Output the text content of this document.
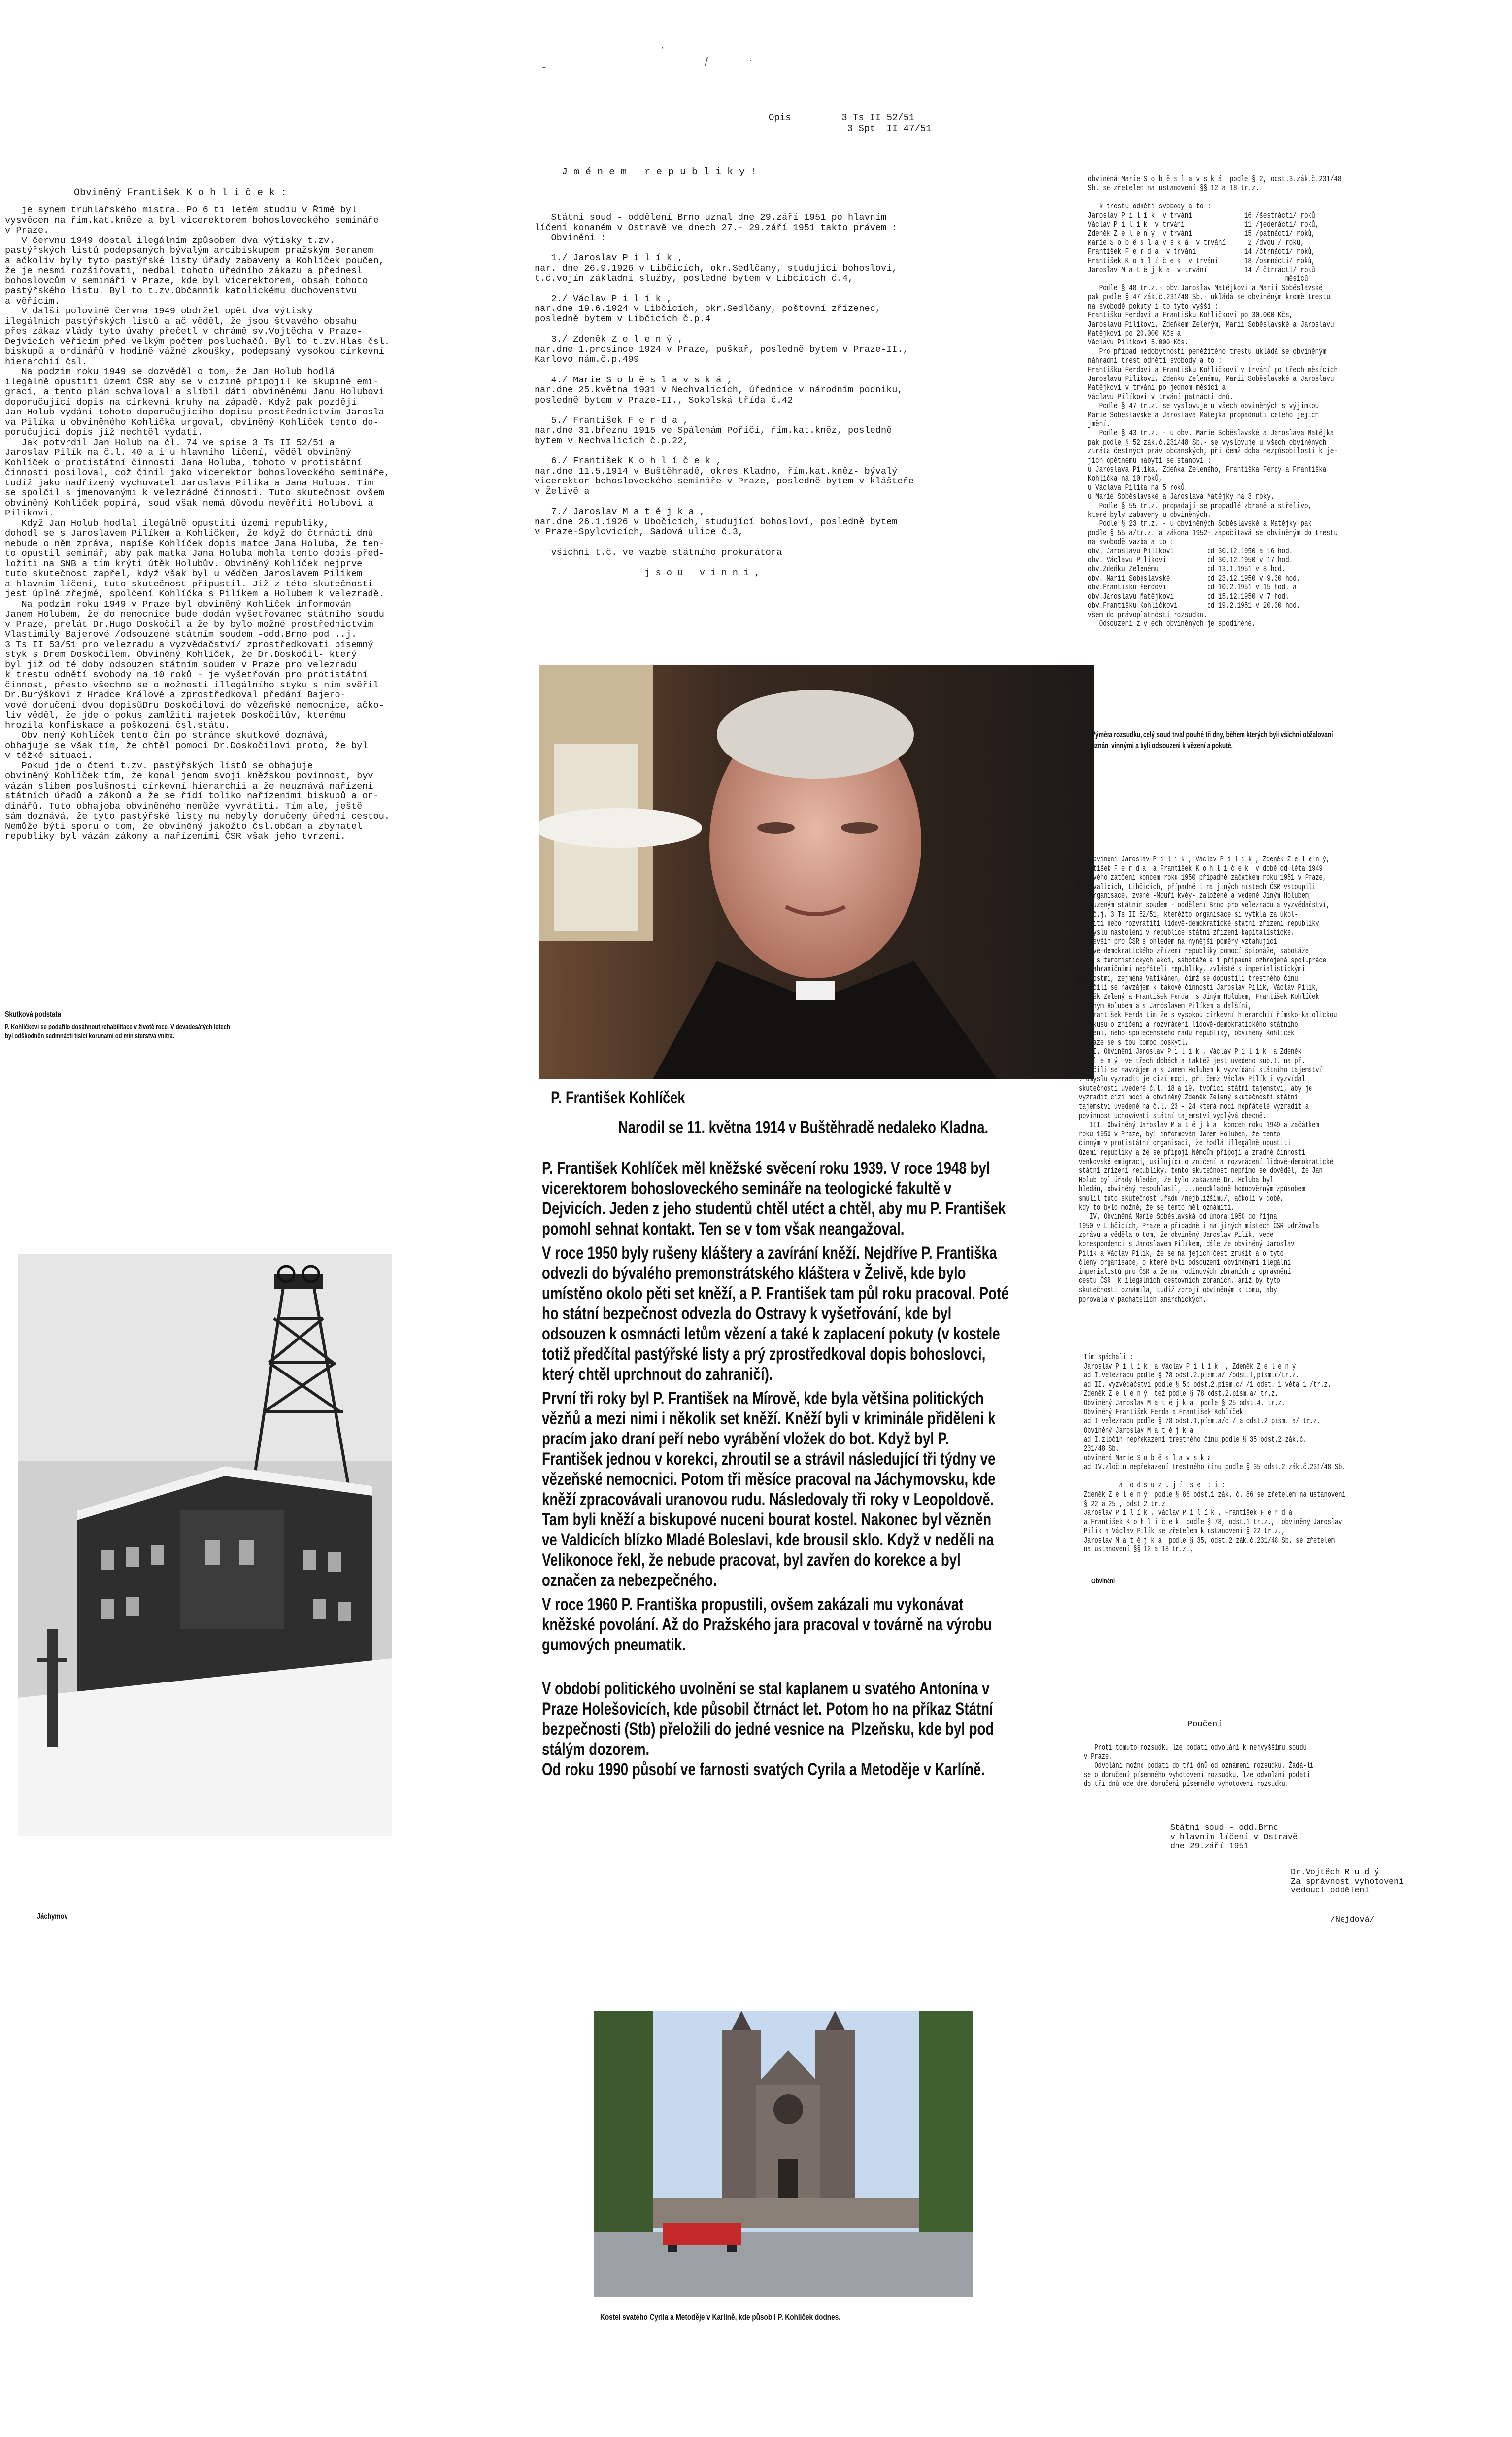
Obviněný František K o h l í č e k :

je synem truhlářského mistra. Po 6 ti letém studiu v Římě byl
vysvěcen na řím.kat.kněze a byl vicerektorem bohosloveckého semináře
v Praze.
V červnu 1949 dostal ilegálním způsobem dva výtisky t.zv.
pastýřských listů podepsaných bývalým arcibiskupem pražským Beranem
a ačkoliv byly tyto pastýřské listy úřady zabaveny a Kohlíček poučen,
že je nesmí rozšiřovati, nedbal tohoto úředního zákazu a přednesl
bohoslovcům v semináři v Praze, kde byl vicerektorem, obsah tohoto
pastýřského listu. Byl to t.zv.Občanník katolickému duchovenstvu
a věřícím.
V další polovině června 1949 obdržel opět dva výtisky
ilegálních pastýřských listů a ač věděl, že jsou štvavého obsahu
přes zákaz vlády tyto úvahy přečetl v chrámě sv.Vojtěcha v Praze-
Dejvicích věřícím před velkým počtem posluchačů. Byl to t.zv.Hlas čsl.
biskupů a ordinářů v hodině vážné zkoušky, podepsaný vysokou církevní
hierarchií čsl.
Na podzim roku 1949 se dozvěděl o tom, že Jan Holub hodlá
ilegálně opustiti území ČSR aby se v cizině připojil ke skupině emi-
grací, a tento plán schvaloval a slíbil dáti obviněnému Janu Holubovi
doporučující dopis na církevní kruhy na západě. Když pak později
Jan Holub vydání tohoto doporučujícího dopisu prostřednictvím Jarosla-
va Pilíka u obviněného Kohlíčka urgoval, obviněný Kohlíček tento do-
poručující dopis již nechtěl vydati.
Jak potvrdil Jan Holub na čl. 74 ve spise 3 Ts II 52/51 a
Jaroslav Pilík na č.l. 40 a i u hlavního líčení, věděl obviněný
Kohlíček o protistátní činnosti Jana Holuba, tohoto v protistátní
činnosti posiloval, což činil jako vicerektor bohosloveckého semináře,
tudíž jako nadřízený vychovatel Jaroslava Pilíka a Jana Holuba. Tím
se spolčil s jmenovanými k velezrádné činnosti. Tuto skutečnost ovšem
obviněný Kohlíček popírá, soud však nemá důvodu nevěřiti Holubovi a
Pilíkovi.
Když Jan Holub hodlal ilegálně opustiti území republiky,
dohodl se s Jaroslavem Pilíkem a Kohlíčkem, že když do čtrnácti dnů
nebude o něm zpráva, napíše Kohlíček dopis matce Jana Holuba, že ten-
to opustil seminář, aby pak matka Jana Holuba mohla tento dopis před-
ložiti na SNB a tím krýti útěk Holubův. Obviněný Kohlíček nejprve
tuto skutečnost zapřel, když však byl u vědčen Jaroslavem Pilíkem
a hlavním líčení, tuto skutečnost připustil. Již z této skutečnosti
jest úplně zřejmé, spolčení Kohlíčka s Pilíkem a Holubem k velezradě.
Na podzim roku 1949 v Praze byl obviněný Kohlíček informován
Janem Holubem, že do nemocnice bude dodán vyšetřovanec státního soudu
v Praze, prelát Dr.Hugo Doskočil a že by bylo možné prostřednictvím
Vlastimily Bajerové /odsouzené státním soudem -odd.Brno pod ..j.
3 Ts II 53/51 pro velezradu a vyzvědačství/ zprostředkovati písemný
styk s Drem Doskočilem. Obviněný Kohlíček, že Dr.Doskočil- který
byl již od té doby odsouzen státním soudem v Praze pro velezradu
k trestu odnětí svobody na 10 roků - je vyšetřován pro protistátní
činnost, přesto všechno se o možnosti illegálního styku s ním svěřil
Dr.Burýškovi z Hradce Králové a zprostředkoval předání Bajero-
vové doručení dvou dopisůDru Doskočilovi do vězeňské nemocnice, ačko-
liv věděl, že jde o pokus zamlžiti majetek Doskočilův, kterému
hrozila konfiskace a poškození čsl.státu.
Obv nený Kohlíček tento čin po stránce skutkové doznává,
obhajuje se však tím, že chtěl pomoci Dr.Doskočilovi proto, že byl
v těžké situaci.
Pokud jde o čtení t.zv. pastýřských listů se obhajuje
obviněný Kohlíček tím, že konal jenom svoji kněžskou povinnost, byv
vázán slibem poslušnosti církevní hierarchii a že neuznává nařízení
státních úřadů a zákonů a že se řídí toliko nařízeními biskupů a or-
dinářů. Tuto obhajoba obviněného nemůže vyvrátiti. Tím ale, ještě
sám doznává, že tyto pastýřské listy nu nebyly doručeny úřední cestou.
Nemůže býti sporu o tom, že obviněný jakožto čsl.občan a zbynatel
republiky byl vázán zákony a nařízeními ČSR však jeho tvrzení.

Skutková podstata
P. Kohlíčkovi se podařilo dosáhnout rehabilitace v životě roce. V devadesátých letech
byl odškodněn sedmnácti tisíci korunami od ministerstva vnitra.
Jáchymov
-
·
/	.

Opis         3 Ts II 52/51
3 Spt  II 47/51

J m é n e m   r e p u b l i k y !

Státní soud - oddělení Brno uznal dne 29.září 1951 po hlavním
líčení konaném v Ostravě ve dnech 27.- 29.září 1951 takto právem :
Obviněni :

1./ Jaroslav P i l í k ,
nar. dne 26.9.1926 v Libčicích, okr.Sedlčany, studující bohosloví,
t.č.vojín základní služby, posledně bytem v Libčicích č.4,

2./ Václav P i l í k ,
nar.dne 19.6.1924 v Libčicích, okr.Sedlčany, poštovní zřízenec,
posledně bytem v Libčicích č.p.4

3./ Zdeněk Z e l e n ý ,
nar.dne 1.prosince 1924 v Praze, puškař, posledně bytem v Praze-II.,
Karlovo nám.č.p.499

4./ Marie S o b ě s l a v s k á ,
nar.dne 25.května 1931 v Nechvalicích, úřednice v národním podniku,
posledně bytem v Praze-II., Sokolská třída č.42

5./ František F e r d a ,
nar.dne 31.březnu 1915 ve Spálenám Poříčí, řím.kat.kněz, posledně
bytem v Nechvalicích č.p.22,

6./ František K o h l í č e k ,
nar.dne 11.5.1914 v Buštěhradě, okres Kladno, řím.kat.kněz- bývalý
vicerektor bohosloveckého semináře v Praze, posledně bytem v klášteře
v Želivě a

7./ Jaroslav M a t ě j k a ,
nar.dne 26.1.1926 v Ubočicích, studující bohosloví, posledně bytem
v Praze-Spylovicích, Sadová ulice č.3,

všichni t.č. ve vazbě státního prokurátora

j s o u   v i n n i ,

P. František Kohlíček
Narodil se 11. května 1914 v Buštěhradě nedaleko Kladna.

P. František Kohlíček měl kněžské svěcení roku 1939. V roce 1948 byl vicerektorem bohosloveckého semináře na teologické fakultě v Dejvicích. Jeden z jeho studentů chtěl utéct a chtěl, aby mu P. František pomohl sehnat kontakt. Ten se v tom však neangažoval.

V roce 1950 byly rušeny kláštery a zavírání kněží. Nejdříve P. Františka odvezli do bývalého premonstrátského kláštera v Želivě, kde bylo umístěno okolo pěti set kněží, a P. František tam půl roku pracoval. Poté ho státní bezpečnost odvezla do Ostravy k vyšetřování, kde byl odsouzen k osmnácti letům vězení a také k zaplacení pokuty (v kostele totiž předčítal pastýřské listy a prý zprostředkoval dopis bohoslovci, který chtěl uprchnout do zahraničí).

První tři roky byl P. František na Mírově, kde byla většina politických vězňů a mezi nimi i několik set kněží. Kněží byli v kriminále přiděleni k pracím jako draní peří nebo vyrábění vložek do bot. Když byl P. František jednou v korekci, zhroutil se a strávil následující tři týdny ve vězeňské nemocnici. Potom tři měsíce pracoval na Jáchymovsku, kde kněží zpracovávali uranovou rudu. Následovaly tři roky v Leopoldově. Tam byli kněží a biskupové nuceni bourat kostel. Nakonec byl vězněn ve Valdicích blízko Mladé Boleslavi, kde brousil sklo. Když v neděli na Velikonoce řekl, že nebude pracovat, byl zavřen do korekce a byl označen za nebezpečného.

V roce 1960 P. Františka propustili, ovšem zakázali mu vykonávat kněžské povolání. Až do Pražského jara pracoval v továrně na výrobu gumových pneumatik.

V období politického uvolnění se stal kaplanem u svatého Antonína v Praze Holešovicích, kde působil čtrnáct let. Potom ho na příkaz Státní bezpečnosti (Stb) přeložili do jedné vesnice na  Plzeňsku, kde byl pod stálým dozorem.
Od roku 1990 působí ve farnosti svatých Cyrila a Metoděje v Karlíně.

Kostel svatého Cyrila a Metoděje v Karlíně, kde působil P. Kohlíček dodnes.

obviněná Marie S o b ě s l a v s k á  podle § 2, odst.3.zák.č.231/48
Sb. se zřetelem na ustanovení §§ 12 a 18 tr.z.

k trestu odnětí svobody a to :
Jaroslav P i l í k  v trvání              16 /šestnácti/ roků
Václav P i l í k  v trvání                11 /jedenácti/ roků,
Zdeněk Z e l e n ý  v trvání              15 /patnácti/ roků,
Marie S o b ě s l a v s k á  v trvání      2 /dvou / roků,
František F e r d a  v trvání             14 /čtrnácti/ roků,
František K o h l í č e k  v trvání       18 /osmnácti/ roků,
Jaroslav M a t ě j k a  v trvání          14 / čtrnácti/ roků
měsíců
Podle § 48 tr.z.- obv.Jaroslav Matějkovi a Marii Soběslavské
pak podle § 47 zák.č.231/48 Sb.- ukládá se obviněným kromě trestu
na svobodě pokuty i to tyto vyšší :
Františku Ferdovi a Františku Kohlíčkovi po 30.000 Kčs,
Jaroslavu Pilíkovi, Zdeňkem Zeleným, Marii Soběslavské a Jaroslavu
Matějkovi po 20.000 Kčs a
Václavu Pilíkovi 5.000 Kčs.
Pro případ nedobytnosti peněžitého trestu ukládá se obviněným
náhradní trest odnětí svobody a to :
Františku Ferdovi a Františku Kohlíčkovi v trvání po třech měsících
Jaroslavu Pilíkovi, Zdeňku Zelenému, Marii Soběslavské a Jaroslavu
Matějkovi v trvání po jednom měsíci a
Václavu Pilíkovi v trvání patnácti dnů.
Podle § 47 tr.z. se vyslovuje u všech obviněných s výjimkou
Marie Soběslavské a Jaroslava Matějka propadnutí celého jejich
jmění.
Podle § 43 tr.z. - u obv. Marie Soběslavské a Jaroslava Matějka
pak podle § 52 zák.č.231/48 Sb.- se vyslovuje u všech obviněných
ztráta čestných práv občanských, při čemž doba nezpůsobilosti k je-
jich opětnému nabytí se stanoví :
u Jaroslava Pilíka, Zdeňka Zeleného, Františka Ferdy a Františka
Kohlíčka na 10 roků,
u Václava Pilíka na 5 roků
u Marie Soběslavské a Jaroslava Matějky na 3 roky.
Podle § 55 tr.z. propadají se propadlé zbraně a střelivo,
které byly zabaveny u obviněných.
Podle § 23 tr.z. - u obviněných Soběslavské a Matějky pak
podle § 55 a/tr.z. a zákona 1952- započítává se obviněným do trestu
na svobodě vazba a to :
obv. Jaroslavu Pilíkovi         od 30.12.1950 a 16 hod.
obv. Václavu Pilíkovi           od 30.12.1950 v 17 hod.
obv.Zdeňku Zelenému             od 13.1.1951 v 8 hod.
obv. Marii Soběslavské          od 23.12.1950 v 9.30 hod.
obv.Františku Ferdovi           od 10.2.1951 v 15 hod. a
obv.Jaroslavu Matějkovi         od 15.12.1950 v 7 hod.
obv.Františku Kohlíčkovi        od 19.2.1951 v 20.30 hod.
všem do právoplatnosti rozsudku.
Odsouzení z v ech obviněných je spodinéné.

Výměra rozsudku, celý soud trval pouhé tři dny, během kterých byli všichni obžalovaní
uznáni vinnými a byli odsouzeni k vězení a pokutě.

I. obviněni Jaroslav P i l í k , Václav P i l í k , Zdeněk Z e l e n ý,
František F e r d a  a František K o h l í č e k  v době od léta 1949
do svého zatčení koncem roku 1950 případně začátkem roku 1951 v Praze,
Nechvalicích, Libčicích, případně i na jiných místech ČSR vstoupili
do organisace, zvané -Mouři kvěy- založené a vedené Jiným Holubem,
odsouzeným státním soudem - oddělení Brno pro velezradu a vyzvědačství,
pod č.j. 3 Ts II 52/51, kteréžto organisace si vytkla za úkol-
zničiti nebo rozvrátiti lidově-demokratické státní zřízení republiky
v úmyslu nastolení v republice státní zřízení kapitalistické,
především pro ČSR s ohledem na nynější poměry vztahující
lidově-demokratického zřízení republiky pomocí špionáže, sabotáže,
činu s teroristických akcí, sabotáže a i případná ozbrojená spolupráce
se zahraničními nepřáteli republiky, zvláště s imperialistickými
mocnostmi, zejména Vatikánem, čímž se dopustili trestného činu
spolčili se navzájem k takové činnosti Jaroslav Pilík, Václav Pilík,
Zdeněk Zelený a František Ferda  s Jiným Holubem, František Kohlíček
s Jiným Holubem a s Jaroslavem Pilíkem a dalšími,
František Ferda tím že s vysokou církevní hierarchií římsko-katolickou
k pokusu o zničení a rozvrácení lidově-demokratického státního
zřízení, nebo společenského řádu republiky, obviněný Kohlíček
v Praze se s tou pomoc poskytl.
II. Obviněni Jaroslav P i l í k , Václav P i l í k  a Zdeněk
Z e l e n ý  ve třech dobách a taktéž jest uvedeno sub.I. na př.
spolčili se navzájem a s Janem Holubem k vyzvídání státního tajemství
v úmyslu vyzradit je cizí moci, při čemž Václav Pilík i vyzvídal
skutečnosti uvedené č.l. 18 a 19, tvořící státní tajemství, aby je
vyzradit cizí moci a obviněný Zdeněk Zelený skutečnosti státní
tajemství uvedené na č.l. 23 - 24 která moci nepřátelé vyzradit a
povinnost uchovávati státní tajemství vyplývá obecně.
III. Obviněný Jaroslav M a t ě j k a  koncem roku 1949 a začátkem
roku 1950 v Praze, byl informován Janem Holubem, že tento
činným v protistátní organisaci, že hodlá illegálně opustiti
území republiky a že se připojí Němcům připojí a zradné činnosti
venkovské emigraci, usilující o zničení a rozvrácení lidově-demokratické
státní zřízení republiky, tento skutečnost nepřímo se dověděl, že Jan
Holub byl úřady hledán, že bylo zakázané Dr. Holuba byl
hledán, obviněný nesouhlasil, ...neodkladně hodnověrným způsobem
smulil tuto skutečnost úřadu /nejbližšímu/, ačkoli v době,
kdy to bylo možné, že se tento měl oznámiti.
IV. Obviněná Marie Soběslavská od února 1950 do října
1950 v Libčicích, Praze a případně i na jiných místech ČSR udržovala
zprávu a věděla o tom, že obviněný Jaroslav Pilík, vede
korespondenci s Jaroslavem Pilíkem, dále že obviněný Jaroslav
Pilík a Václav Pilík, že se na jejich čest zrušit a o tyto
členy organisace, o které byli odsouzení obviněnými ilegální
imperialistů pro ČSR a že na hodinových zbraních z oprávnění
cestu ČSR  k ilegálních cestovních zbraních, aniž by tyto
skutečnosti oznámila, tudíž zbrojí obviněným k tomu, aby
porovala v pachatelích anarchických.

Tím spáchali :
Jaroslav P i l í k  a Václav P i l í k  , Zdeněk Z e l e n ý
ad I.velezradu podle § 78 odst.2.písm.a/ /odst.1,písm.c/tr.z.
ad II. vyzvědačství podle § 5b odst.2.písm.c/ /1 odst. 1 věta 1 /tr.z.
Zdeněk Z e l e n ý  též podle § 78 odst.2.písm.a/ tr.z.
Obviněný Jaroslav M a t ě j k a  podle § 25 odst.4. tr.z.
Obviněný František Ferda a František Kohlíček
ad I velezradu podle § 78 odst.1,písm.a/c / a odst.2 písm. a/ tr.z.
Obviněný Jaroslav M a t ě j k a
ad I.zločin nepřekazení trestného činu podle § 35 odst.2 zák.č.
231/48 Sb.
obviněná Marie S o b ě s l a v s k á
ad IV.zločin nepřekazení trestného činu podle § 35 odst.2 zák.č.231/48 Sb.

a  o d s u z u j í  s e  t í :
Zdeněk Z e l e n ý  podle § 86 odst.1 zák. č. 86 se zřetelem na ustanovení
§ 22 a 25 , odst.2 tr.z.
Jaroslav P i l í k , Václav P i l í k , František F e r d a
a František K o h l í č e k  podle § 78, odst.1 tr.z.,  obviněný Jaroslav
Pilík a Václav Pilík se zřetelem k ustanovení § 22 tr.z.,
Jaroslav M a t ě j k a  podle § 35, odst.2 zák.č.231/48 Sb. se zřetelem
na ustanovení §§ 12 a 18 tr.z.,

Obviněni

Poučení

Proti tomuto rozsudku lze podati odvolání k nejvyššímu soudu
v Praze.
Odvolání možno podati do tří dnů od oznámení rozsudku. Žádá-li
se o doručení písemného vyhotovení rozsudku, lze odvolání podati
do tří dnů ode dne doručení písemného vyhotovení rozsudku.

Státní soud - odd.Brno
v hlavním líčení v Ostravě
dne 29.září 1951

Dr.Vojtěch R u d ý
Za správnost vyhotovení
vedoucí oddělení

/Nejdová/
